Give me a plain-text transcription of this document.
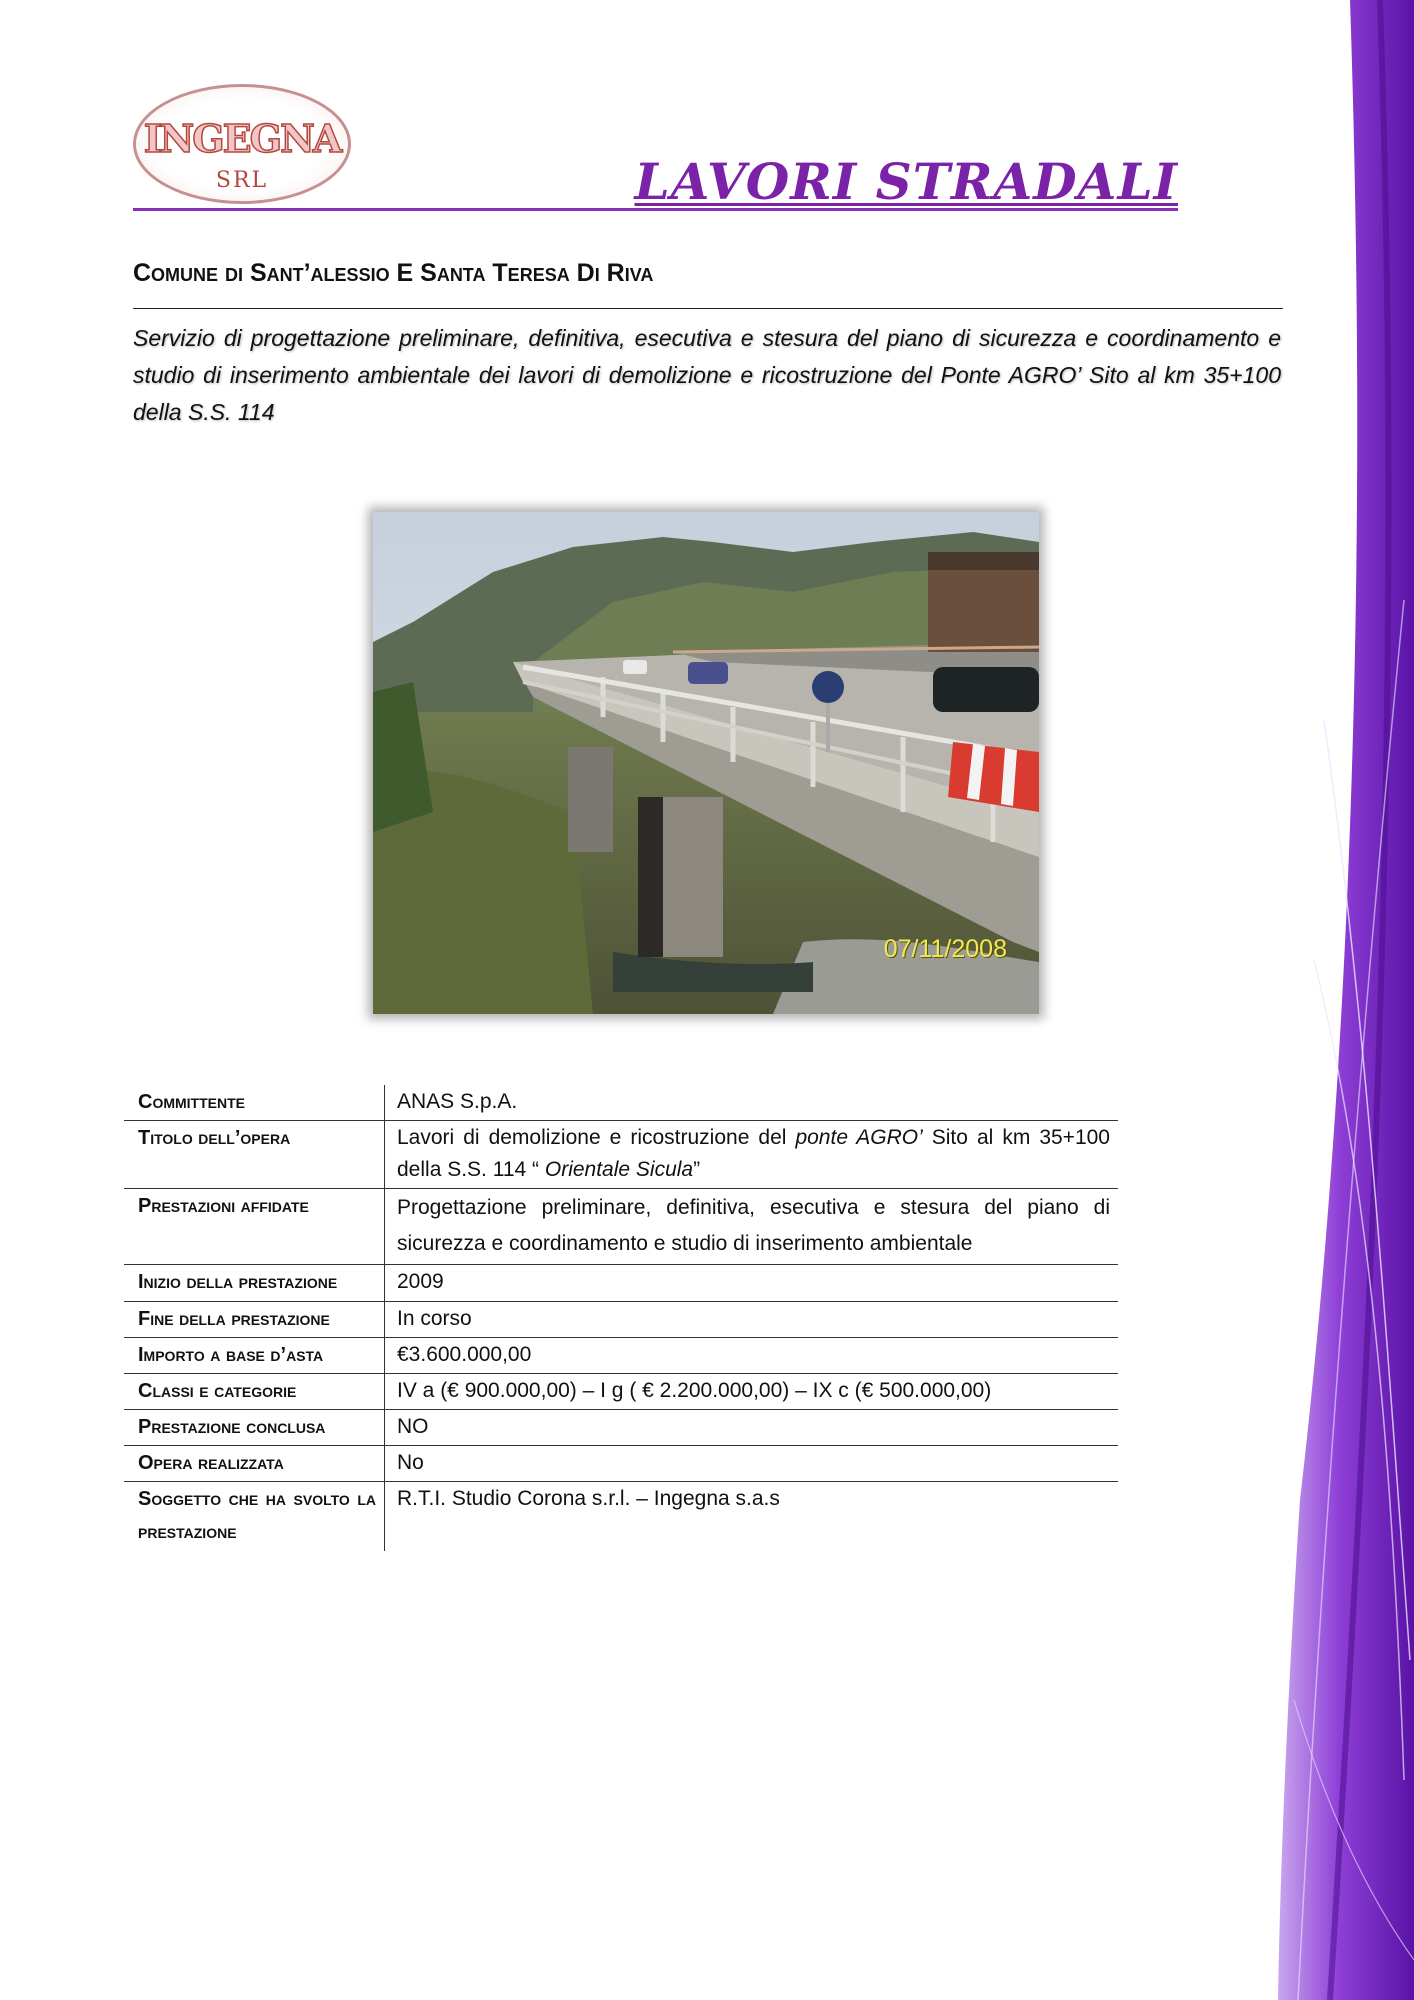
INGEGNA
SRL	LAVORI STRADALI
Comune di Sant’alessio E Santa Teresa Di Riva

Servizio di progettazione preliminare, definitiva, esecutiva e stesura del piano di sicurezza e coordinamento e studio di inserimento ambientale dei lavori di demolizione e ricostruzione del Ponte AGRO’ Sito al km 35+100 della S.S. 114

07/11/2008
Committente	ANAS S.p.A.
Titolo dell’opera	Lavori di demolizione e ricostruzione del ponte AGRO’ Sito al km 35+100 della S.S. 114 “ Orientale Sicula”
Prestazioni affidate	Progettazione preliminare, definitiva, esecutiva e stesura del piano di sicurezza e coordinamento e studio di inserimento ambientale
Inizio della prestazione	2009
Fine della prestazione	In corso
Importo a base d’asta	€3.600.000,00
Classi e categorie	IV a (€ 900.000,00) – I g ( € 2.200.000,00) – IX c (€ 500.000,00)
Prestazione conclusa	NO
Opera realizzata	No
Soggetto che ha svolto la prestazione	R.T.I. Studio Corona s.r.l. – Ingegna s.a.s
